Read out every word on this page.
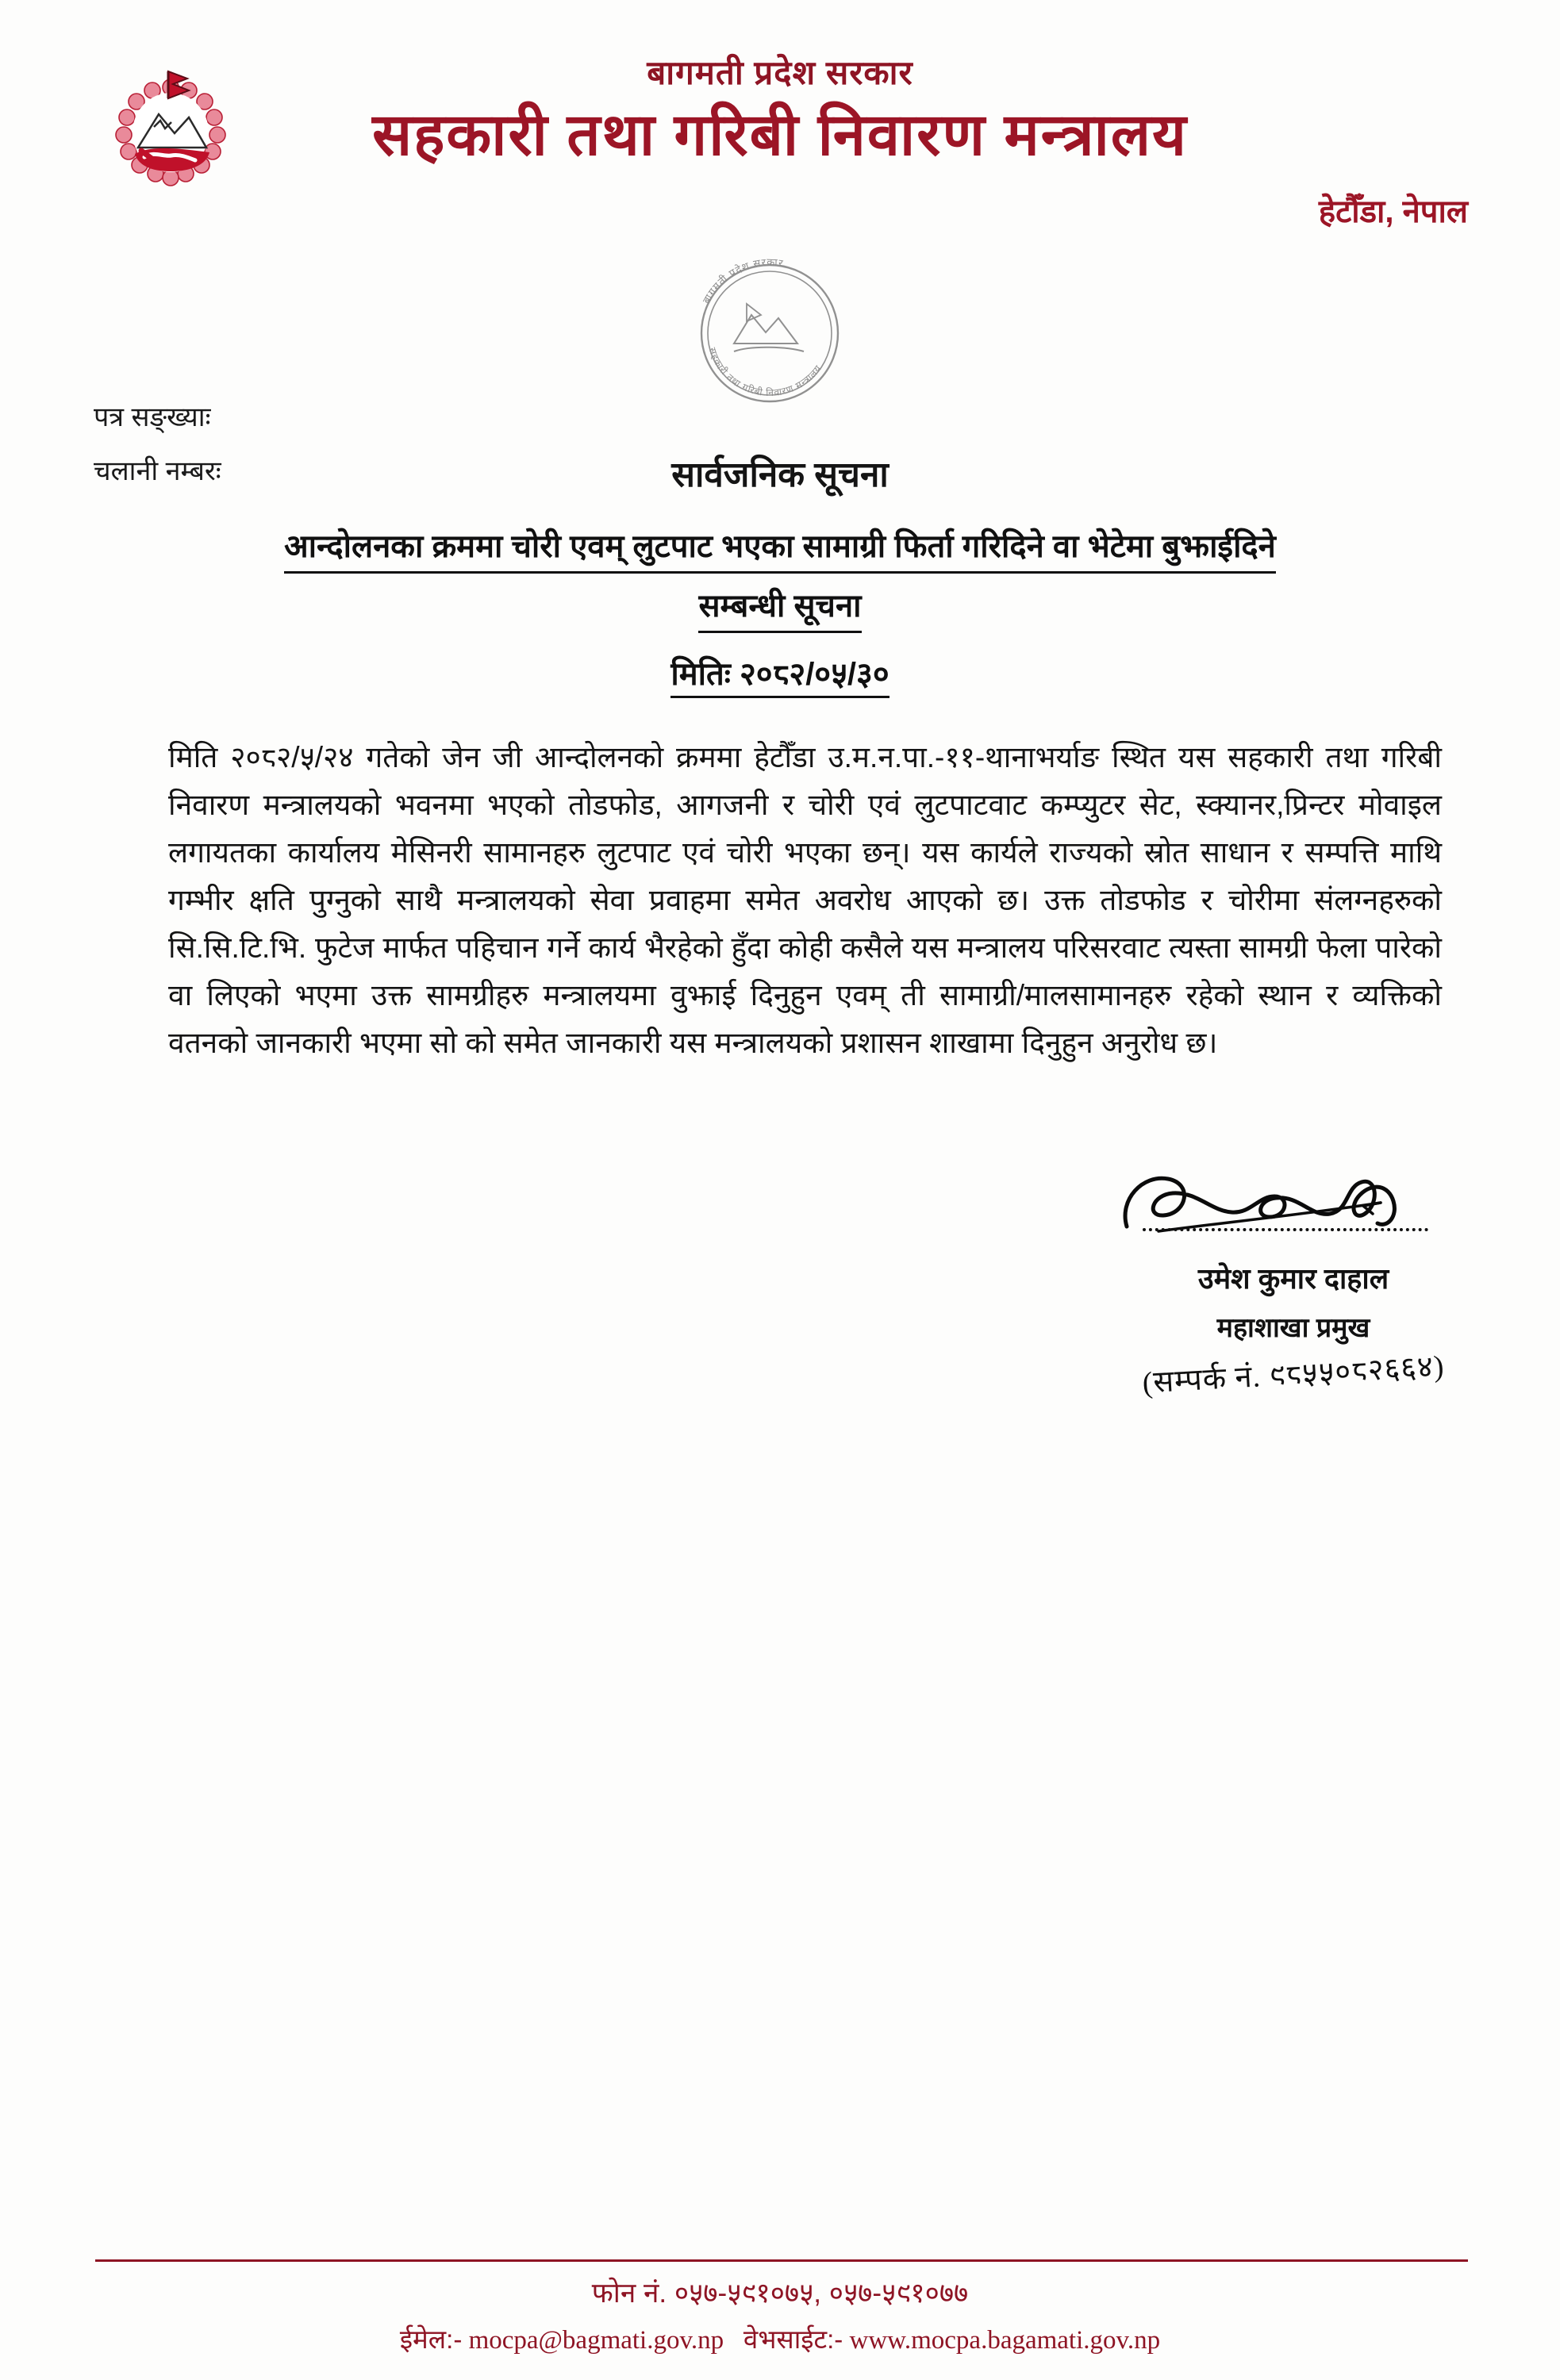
बागमती प्रदेश सरकार
सहकारी तथा गरिबी निवारण मन्त्रालय
हेटौँडा, नेपाल
बागमती प्रदेश सरकार
सहकारी तथा गरिबी निवारण मन्त्रालय
पत्र सङ्ख्याः
चलानी नम्बरः	सार्वजनिक सूचना
आन्दोलनका क्रममा चोरी एवम् लुटपाट भएका सामाग्री फिर्ता गरिदिने वा भेटेमा बुझाईदिने
सम्बन्धी सूचना
मितिः २०८२/०५/३०
मिति २०८२/५/२४ गतेको जेन जी आन्दोलनको क्रममा हेटौँडा उ.म.न.पा.-११-थानाभर्याङ स्थित यस सहकारी तथा गरिबी निवारण मन्त्रालयको भवनमा भएको तोडफोड, आगजनी र चोरी एवं लुटपाटवाट कम्प्युटर सेट, स्क्यानर,प्रिन्टर मोवाइल लगायतका कार्यालय मेसिनरी सामानहरु लुटपाट एवं चोरी भएका छन्। यस कार्यले राज्यको स्रोत साधान र सम्पत्ति माथि गम्भीर क्षति पुग्नुको साथै मन्त्रालयको सेवा प्रवाहमा समेत अवरोध आएको छ। उक्त तोडफोड र चोरीमा संलग्नहरुको सि.सि.टि.भि. फुटेज मार्फत पहिचान गर्ने कार्य भैरहेको हुँदा कोही कसैले यस मन्त्रालय परिसरवाट त्यस्ता सामग्री फेला पारेको वा लिएको भएमा उक्त सामग्रीहरु मन्त्रालयमा वुझाई दिनुहुन एवम् ती सामाग्री/मालसामानहरु रहेको स्थान र व्यक्तिको वतनको जानकारी भएमा सो को समेत जानकारी यस मन्त्रालयको प्रशासन शाखामा दिनुहुन अनुरोध छ।
उमेश कुमार दाहाल
महाशाखा प्रमुख
(सम्पर्क नं. ९८५५०८२६६४)
फोन नं. ०५७-५९१०७५, ०५७-५९१०७७
ईमेल:- mocpa@bagmati.gov.np वेभसाईट:- www.mocpa.bagamati.gov.np
